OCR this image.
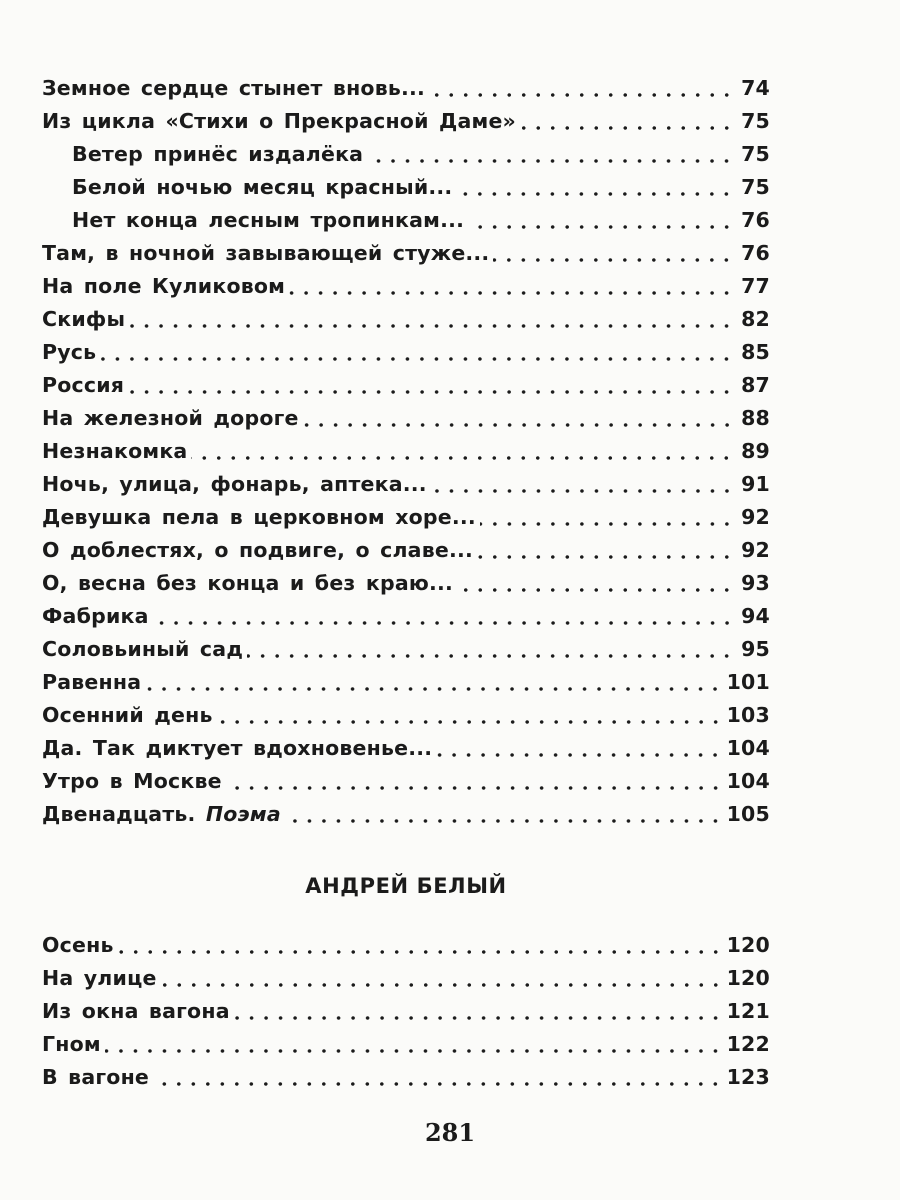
Земное сердце стынет вновь...	74
Из цикла «Стихи о Прекрасной Даме»	75
Ветер принёс издалёка	75
Белой ночью месяц красный...	75
Нет конца лесным тропинкам...	76
Там, в ночной завывающей стуже...	76
На поле Куликовом	77
Скифы	82
Русь	85
Россия	87
На железной дороге	88
Незнакомка	89
Ночь, улица, фонарь, аптека...	91
Девушка пела в церковном хоре...	92
О доблестях, о подвиге, о славе...	92
О, весна без конца и без краю...	93
Фабрика	94
Соловьиный сад	95
Равенна	101
Осенний день	103
Да. Так диктует вдохновенье...	104
Утро в Москве	104
Двенадцать. Поэма	105
АНДРЕЙ БЕЛЫЙ
Осень	120
На улице	120
Из окна вагона	121
Гном	122
В вагоне	123
281
